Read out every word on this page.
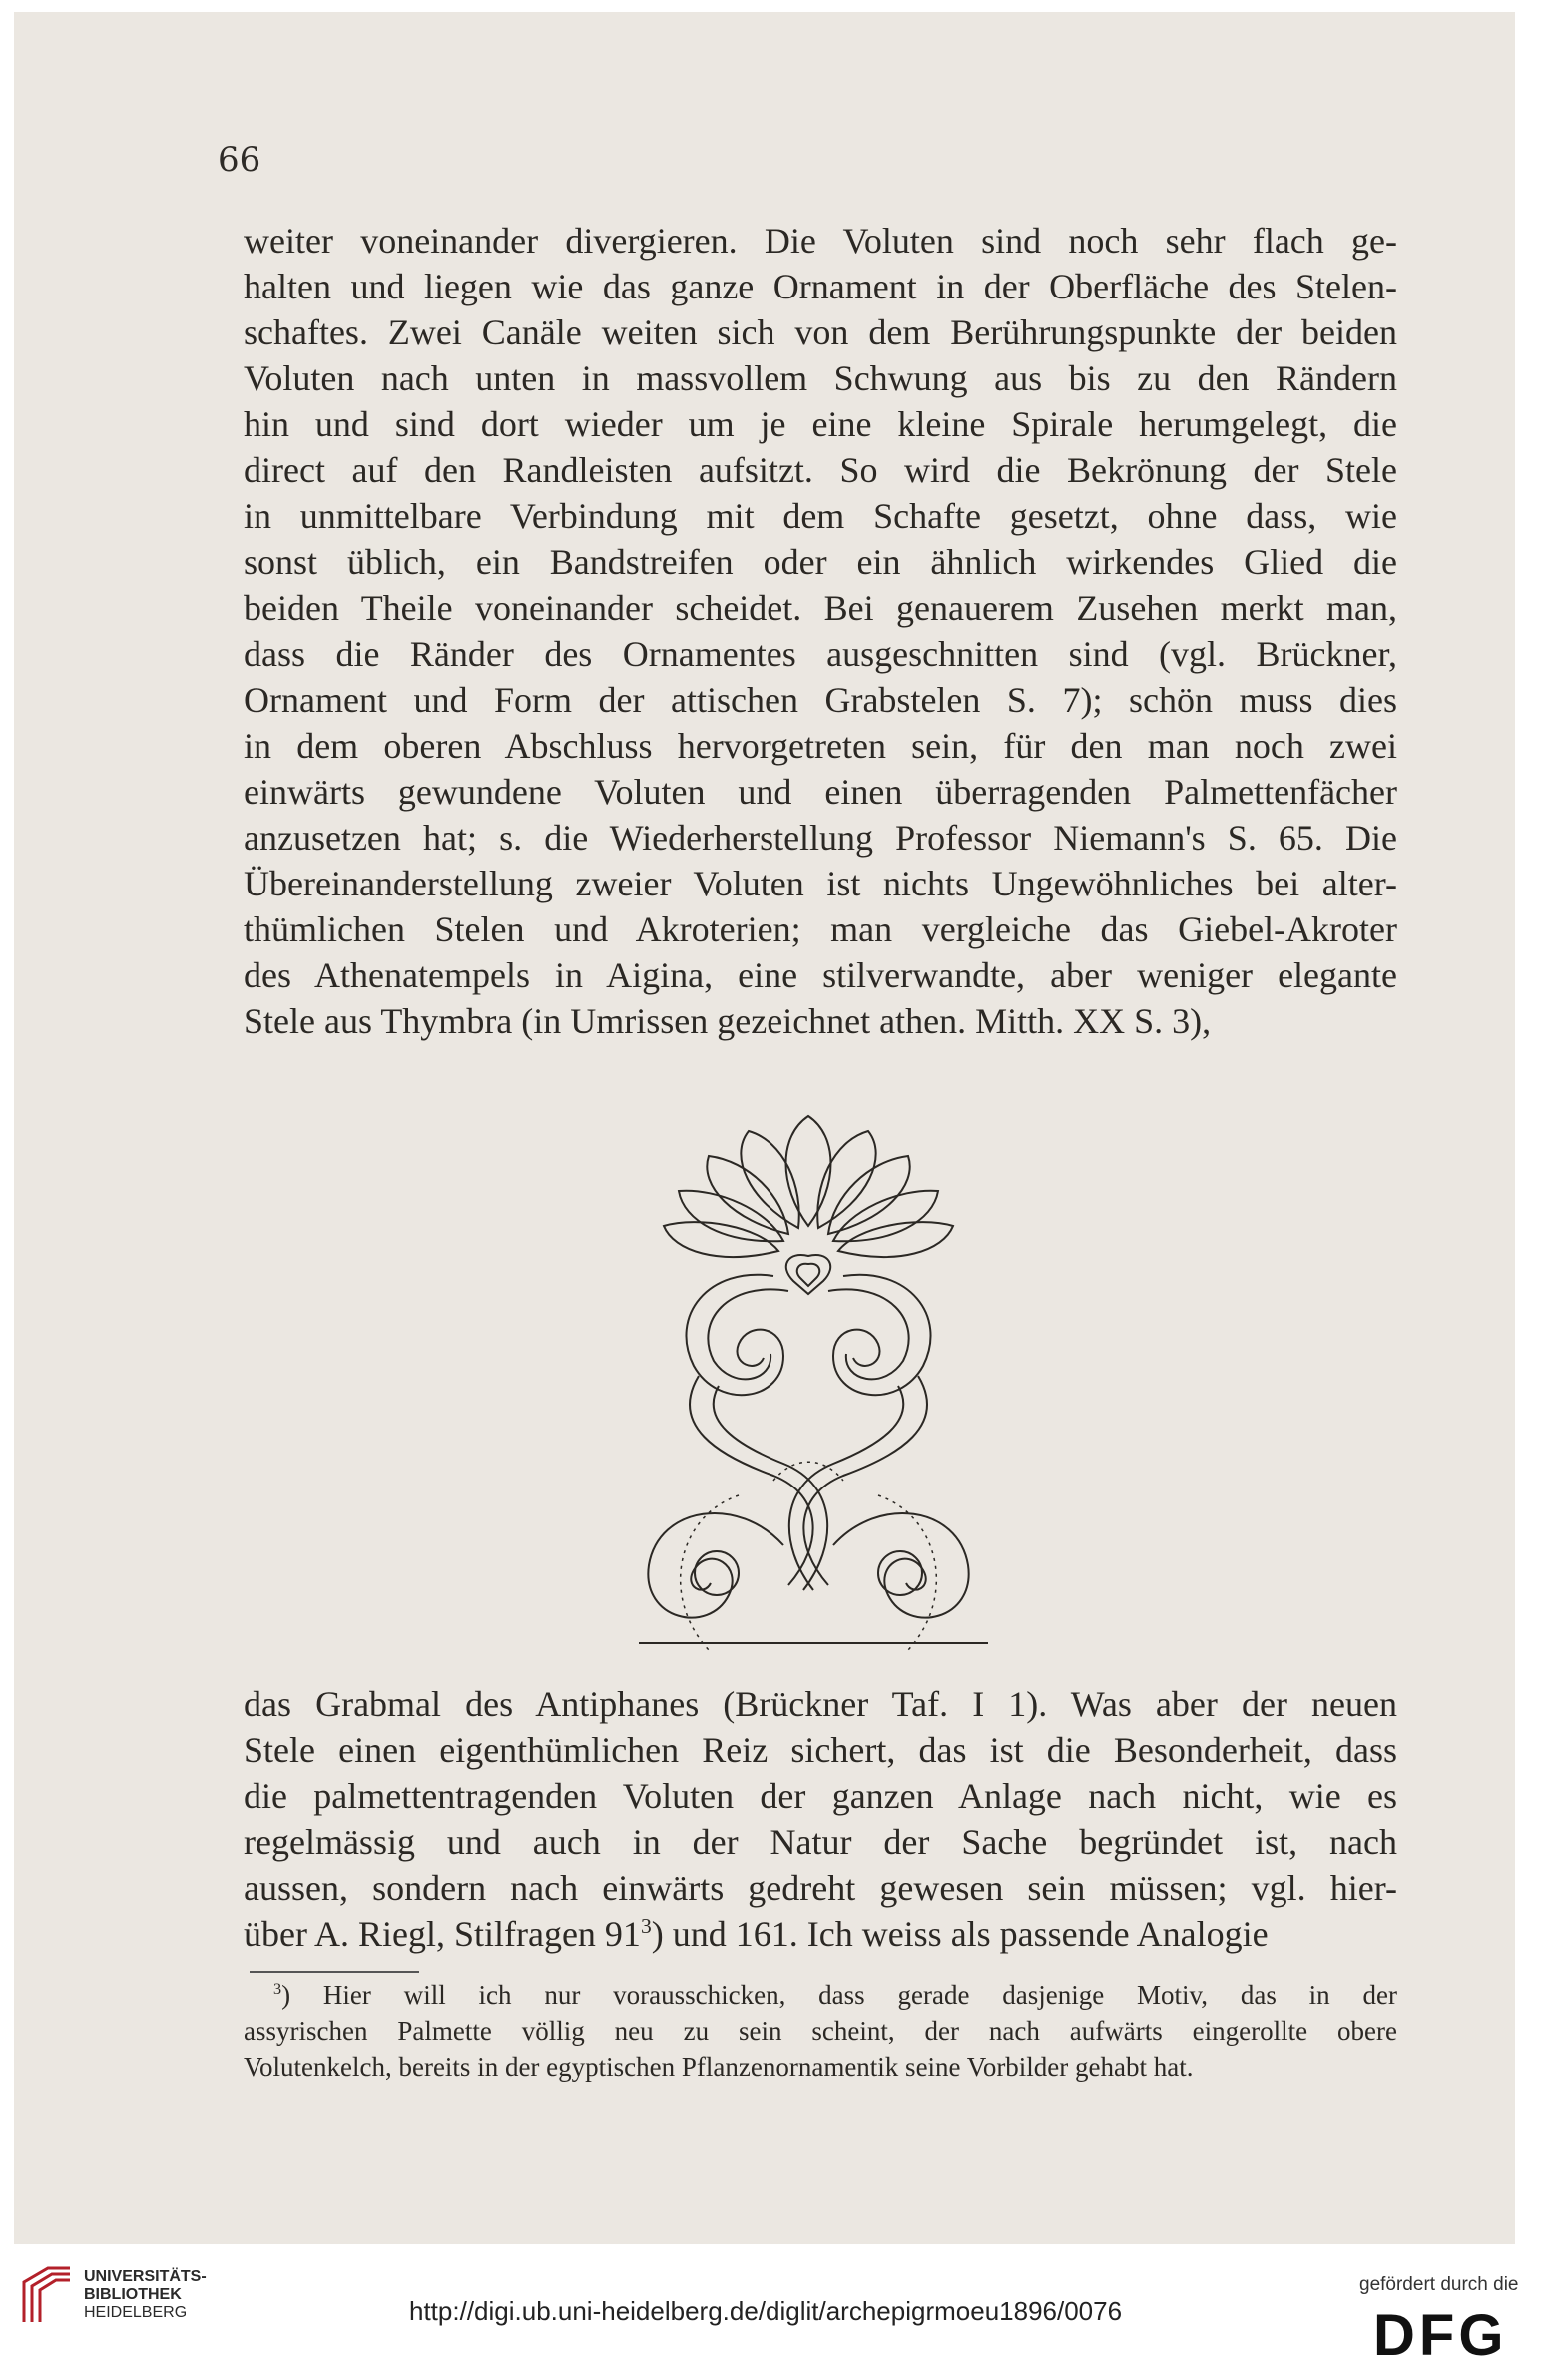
66
weiter voneinander divergieren. Die Voluten sind noch sehr flach ge-
halten und liegen wie das ganze Ornament in der Oberfläche des Stelen-
schaftes. Zwei Canäle weiten sich von dem Berührungspunkte der beiden
Voluten nach unten in massvollem Schwung aus bis zu den Rändern
hin und sind dort wieder um je eine kleine Spirale herumgelegt, die
direct auf den Randleisten aufsitzt. So wird die Bekrönung der Stele
in unmittelbare Verbindung mit dem Schafte gesetzt, ohne dass, wie
sonst üblich, ein Bandstreifen oder ein ähnlich wirkendes Glied die
beiden Theile voneinander scheidet. Bei genauerem Zusehen merkt man,
dass die Ränder des Ornamentes ausgeschnitten sind (vgl. Brückner,
Ornament und Form der attischen Grabstelen S. 7); schön muss dies
in dem oberen Abschluss hervorgetreten sein, für den man noch zwei
einwärts gewundene Voluten und einen überragenden Palmettenfächer
anzusetzen hat; s. die Wiederherstellung Professor Niemann's S. 65. Die
Übereinanderstellung zweier Voluten ist nichts Ungewöhnliches bei alter-
thümlichen Stelen und Akroterien; man vergleiche das Giebel-Akroter
des Athenatempels in Aigina, eine stilverwandte, aber weniger elegante
Stele aus Thymbra (in Umrissen gezeichnet athen. Mitth. XX S. 3),
das Grabmal des Antiphanes (Brückner Taf. I 1). Was aber der neuen
Stele einen eigenthümlichen Reiz sichert, das ist die Besonderheit, dass
die palmettentragenden Voluten der ganzen Anlage nach nicht, wie es
regelmässig und auch in der Natur der Sache begründet ist, nach
aussen, sondern nach einwärts gedreht gewesen sein müssen; vgl. hier-
über A. Riegl, Stilfragen $91^3$) und 161. Ich weiss als passende Analogie
$^3$) Hier will ich nur vorausschicken, dass gerade dasjenige Motiv, das in der
assyrischen Palmette völlig neu zu sein scheint, der nach aufwärts eingerollte obere
Volutenkelch, bereits in der egyptischen Pflanzenornamentik seine Vorbilder gehabt hat.
UNIVERSITÄTS-
BIBLIOTHEK
HEIDELBERG	http://digi.ub.uni-heidelberg.de/diglit/archepigrmoeu1896/0076
gefördert durch die
DFG
